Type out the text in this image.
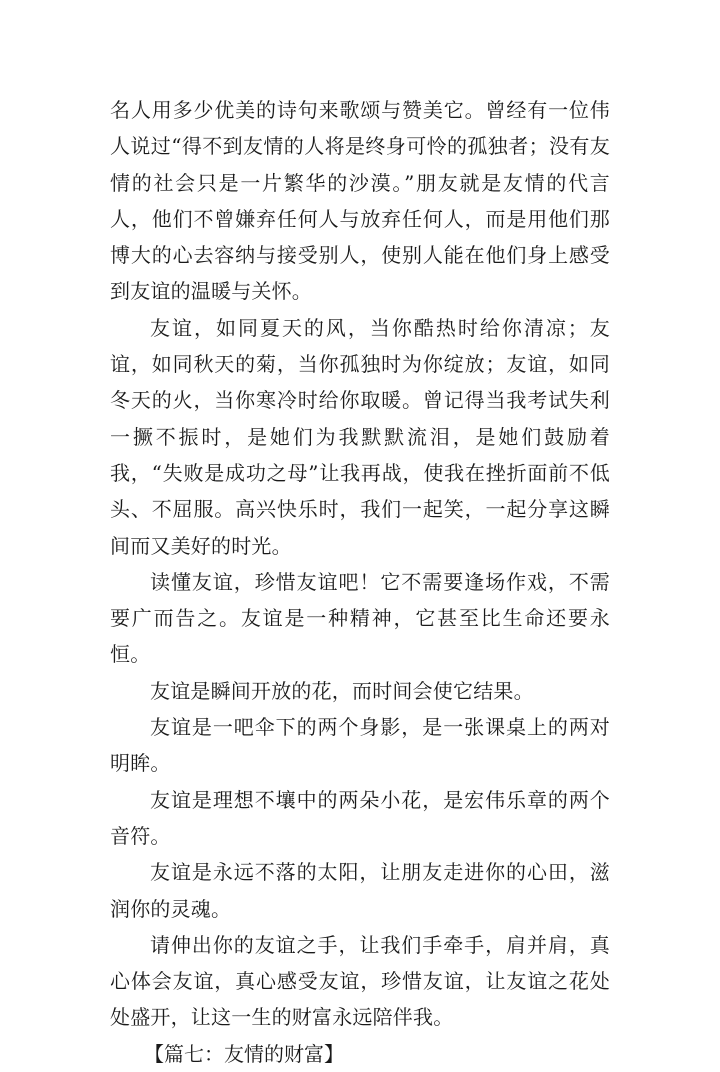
名人用多少优美的诗句来歌颂与赞美它。曾经有一位伟人说过“得不到友情的人将是终身可怜的孤独者；没有友情的社会只是一片繁华的沙漠。”朋友就是友情的代言人，他们不曾嫌弃任何人与放弃任何人，而是用他们那博大的心去容纳与接受别人，使别人能在他们身上感受到友谊的温暖与关怀。

友谊，如同夏天的风，当你酷热时给你清凉；友谊，如同秋天的菊，当你孤独时为你绽放；友谊，如同冬天的火，当你寒冷时给你取暖。曾记得当我考试失利一撅不振时，是她们为我默默流泪，是她们鼓励着我，“失败是成功之母”让我再战，使我在挫折面前不低头、不屈服。高兴快乐时，我们一起笑，一起分享这瞬间而又美好的时光。

读懂友谊，珍惜友谊吧！它不需要逢场作戏，不需要广而告之。友谊是一种精神，它甚至比生命还要永恒。

友谊是瞬间开放的花，而时间会使它结果。

友谊是一吧伞下的两个身影，是一张课桌上的两对明眸。

友谊是理想不壤中的两朵小花，是宏伟乐章的两个音符。

友谊是永远不落的太阳，让朋友走进你的心田，滋润你的灵魂。

请伸出你的友谊之手，让我们手牵手，肩并肩，真心体会友谊，真心感受友谊，珍惜友谊，让友谊之花处处盛开，让这一生的财富永远陪伴我。

【篇七：友情的财富】
